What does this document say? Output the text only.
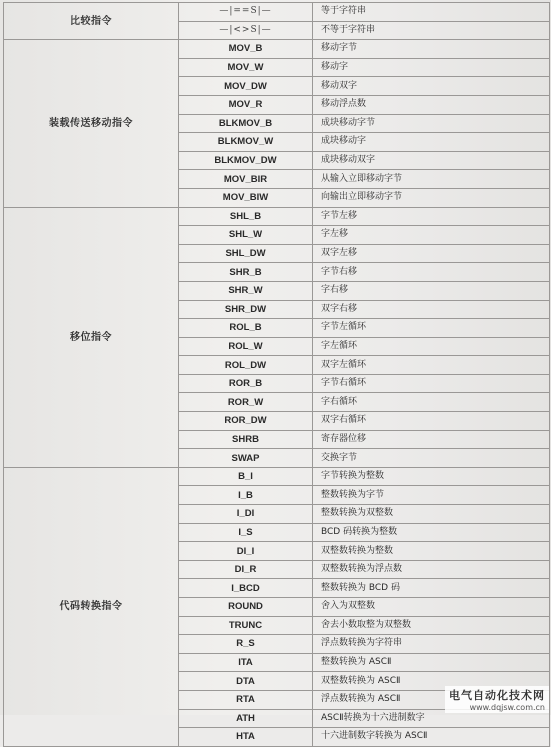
比较指令	—|==S|—	等于字符串
	—|<>S|—	不等于字符串
装载传送移动指令	MOV_B	移动字节
	MOV_W	移动字
	MOV_DW	移动双字
	MOV_R	移动浮点数
	BLKMOV_B	成块移动字节
	BLKMOV_W	成块移动字
	BLKMOV_DW	成块移动双字
	MOV_BIR	从输入立即移动字节
	MOV_BIW	向输出立即移动字节
移位指令	SHL_B	字节左移
	SHL_W	字左移
	SHL_DW	双字左移
	SHR_B	字节右移
	SHR_W	字右移
	SHR_DW	双字右移
	ROL_B	字节左循环
	ROL_W	字左循环
	ROL_DW	双字左循环
	ROR_B	字节右循环
	ROR_W	字右循环
	ROR_DW	双字右循环
	SHRB	寄存器位移
	SWAP	交换字节
代码转换指令	B_I	字节转换为整数
	I_B	整数转换为字节
	I_DI	整数转换为双整数
	I_S	BCD 码转换为整数
	DI_I	双整数转换为整数
	DI_R	双整数转换为浮点数
	I_BCD	整数转换为 BCD 码
	ROUND	舍入为双整数
	TRUNC	舍去小数取整为双整数
	R_S	浮点数转换为字符串
	ITA	整数转换为 ASCⅡ
	DTA	双整数转换为 ASCⅡ
	RTA	浮点数转换为 ASCⅡ
	ATH	ASCⅡ转换为十六进制数字
	HTA	十六进制数字转换为 ASCⅡ
电气自动化技术网
www.dqjsw.com.cn
